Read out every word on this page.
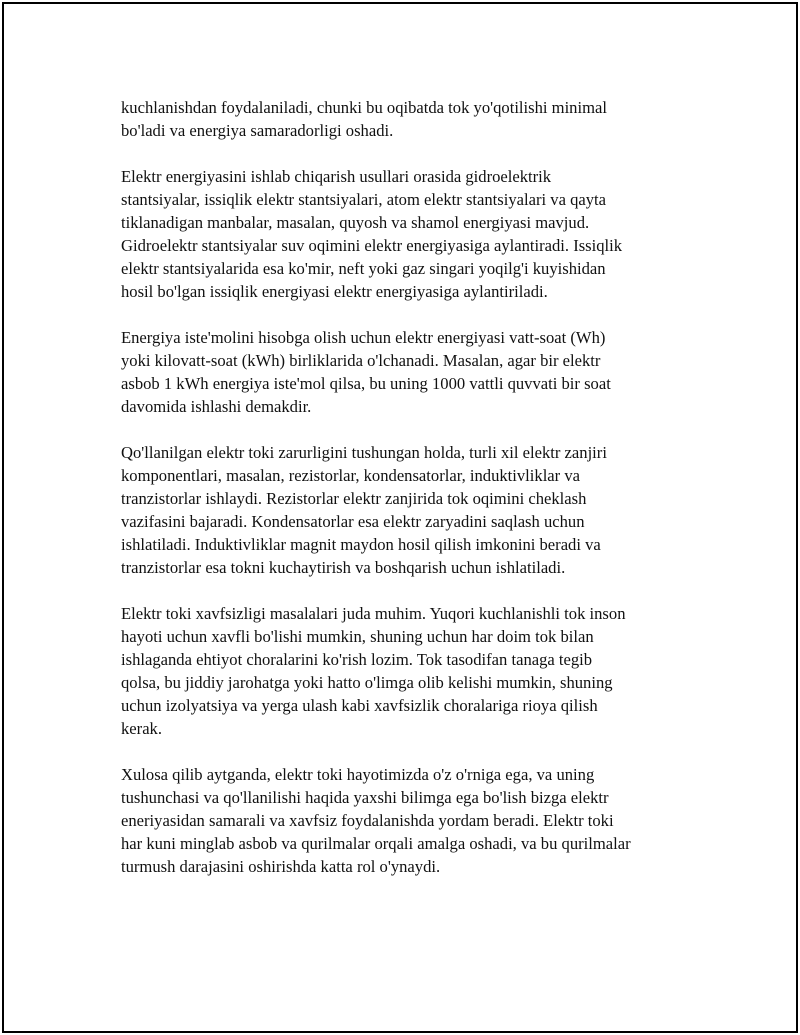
kuchlanishdan foydalaniladi, chunki bu oqibatda tok yo'qotilishi minimal
bo'ladi va energiya samaradorligi oshadi.

Elektr energiyasini ishlab chiqarish usullari orasida gidroelektrik
stantsiyalar, issiqlik elektr stantsiyalari, atom elektr stantsiyalari va qayta
tiklanadigan manbalar, masalan, quyosh va shamol energiyasi mavjud.
Gidroelektr stantsiyalar suv oqimini elektr energiyasiga aylantiradi. Issiqlik
elektr stantsiyalarida esa ko'mir, neft yoki gaz singari yoqilg'i kuyishidan
hosil bo'lgan issiqlik energiyasi elektr energiyasiga aylantiriladi.

Energiya iste'molini hisobga olish uchun elektr energiyasi vatt-soat (Wh)
yoki kilovatt-soat (kWh) birliklarida o'lchanadi. Masalan, agar bir elektr
asbob 1 kWh energiya iste'mol qilsa, bu uning 1000 vattli quvvati bir soat
davomida ishlashi demakdir.

Qo'llanilgan elektr toki zarurligini tushungan holda, turli xil elektr zanjiri
komponentlari, masalan, rezistorlar, kondensatorlar, induktivliklar va
tranzistorlar ishlaydi. Rezistorlar elektr zanjirida tok oqimini cheklash
vazifasini bajaradi. Kondensatorlar esa elektr zaryadini saqlash uchun
ishlatiladi. Induktivliklar magnit maydon hosil qilish imkonini beradi va
tranzistorlar esa tokni kuchaytirish va boshqarish uchun ishlatiladi.

Elektr toki xavfsizligi masalalari juda muhim. Yuqori kuchlanishli tok inson
hayoti uchun xavfli bo'lishi mumkin, shuning uchun har doim tok bilan
ishlaganda ehtiyot choralarini ko'rish lozim. Tok tasodifan tanaga tegib
qolsa, bu jiddiy jarohatga yoki hatto o'limga olib kelishi mumkin, shuning
uchun izolyatsiya va yerga ulash kabi xavfsizlik choralariga rioya qilish
kerak.

Xulosa qilib aytganda, elektr toki hayotimizda o'z o'rniga ega, va uning
tushunchasi va qo'llanilishi haqida yaxshi bilimga ega bo'lish bizga elektr
eneriyasidan samarali va xavfsiz foydalanishda yordam beradi. Elektr toki
har kuni minglab asbob va qurilmalar orqali amalga oshadi, va bu qurilmalar
turmush darajasini oshirishda katta rol o'ynaydi.
